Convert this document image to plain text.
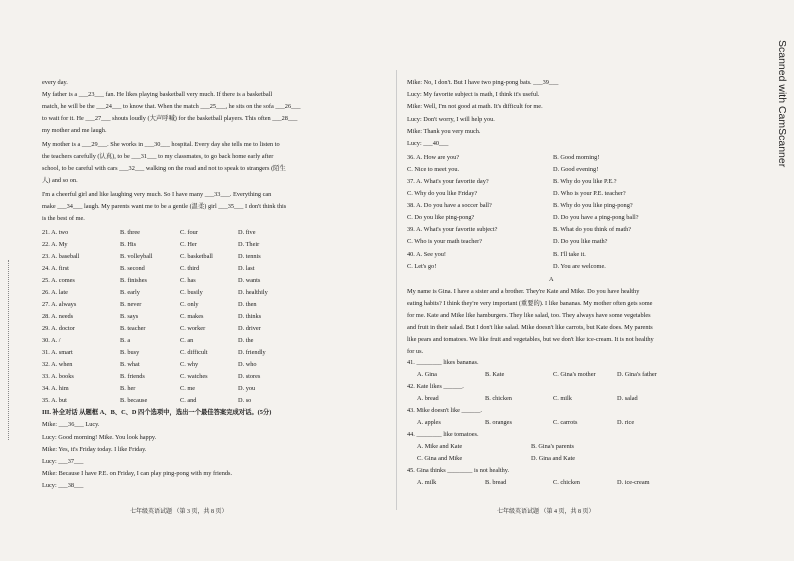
Scanned with CamScanner
every day.
My father is a ___23___ fan. He likes playing basketball very much. If there is a basketball
match, he will be the ___24___ to know that. When the match ___25___, he sits on the sofa ___26___
to wait for it. He ___27___ shouts loudly (大声呼喊) for the basketball players. This often ___28___
my mother and me laugh.
My mother is a ___29___. She works in ___30___ hospital. Every day she tells me to listen to
the teachers carefully (认真), to be ___31___ to my classmates, to go back home early after
school, to be careful with cars ___32___ walking on the road and not to speak to strangers (陌生
人) and so on.
I'm a cheerful girl and like laughing very much. So I have many ___33___. Everything can
make ___34___ laugh. My parents want me to be a gentle (温柔) girl ___35___ I don't think this
is the best of me.
21. A. two	B. three	C. four	D. five
22. A. My	B. His	C. Her	D. Their
23. A. baseball	B. volleyball	C. basketball	D. tennis
24. A. first	B. second	C. third	D. last
25. A. comes	B. finishes	C. has	D. wants
26. A. late	B. early	C. busily	D. healthily
27. A. always	B. never	C. only	D. then
28. A. needs	B. says	C. makes	D. thinks
29. A. doctor	B. teacher	C. worker	D. driver
30. A. /	B. a	C. an	D. the
31. A. smart	B. busy	C. difficult	D. friendly
32. A. when	B. what	C. why	D. who
33. A. books	B. friends	C. watches	D. stores
34. A. him	B. her	C. me	D. you
35. A. but	B. because	C. and	D. so
III. 补全对话 从题框 A、B、C、D 四个选项中，选出一个最佳答案完成对话。(5分)
Mike: ___36___ Lucy.
Lucy: Good morning! Mike. You look happy.
Mike: Yes, it's Friday today. I like Friday.
Lucy: ___37___
Mike: Because I have P.E. on Friday, I can play ping-pong with my friends.
Lucy: ___38___
七年级英语试题 （第 3 页，共 8 页）
Mike: No, I don't. But I have two ping-pong bats. ___39___
Lucy: My favorite subject is math, I think it's useful.
Mike: Well, I'm not good at math. It's difficult for me.
Lucy: Don't worry, I will help you.
Mike: Thank you very much.
Lucy: ___40___
36. A. How are you?	B. Good morning!
C. Nice to meet you.	D. Good evening!
37. A. What's your favorite day?	B. Why do you like P.E.?
C. Why do you like Friday?	D. Who is your P.E. teacher?
38. A. Do you have a soccer ball?	B. Why do you like ping-pong?
C. Do you like ping-pong?	D. Do you have a ping-pong ball?
39. A. What's your favorite subject?	B. What do you think of math?
C. Who is your math teacher?	D. Do you like math?
40. A. See you!	B. I'll take it.
C. Let's go!	D. You are welcome.
A
My name is Gina. I have a sister and a brother. They're Kate and Mike. Do you have healthy
eating habits? I think they're very important (重要的). I like bananas. My mother often gets some
for me. Kate and Mike like hamburgers. They like salad, too. They always have some vegetables
and fruit in their salad. But I don't like salad. Mike doesn't like carrots, but Kate does. My parents
like pears and tomatoes. We like fruit and vegetables, but we don't like ice-cream. It is not healthy
for us.
41. ________ likes bananas.
A. Gina	B. Kate	C. Gina's mother	D. Gina's father
42. Kate likes ______.
A. bread	B. chicken	C. milk	D. salad
43. Mike doesn't like ______.
A. apples	B. oranges	C. carrots	D. rice
44. ________ like tomatoes.
A. Mike and Kate	B. Gina's parents
C. Gina and Mike	D. Gina and Kate
45. Gina thinks ________ is not healthy.
A. milk	B. bread	C. chicken	D. ice-cream
七年级英语试题 （第 4 页，共 8 页）
